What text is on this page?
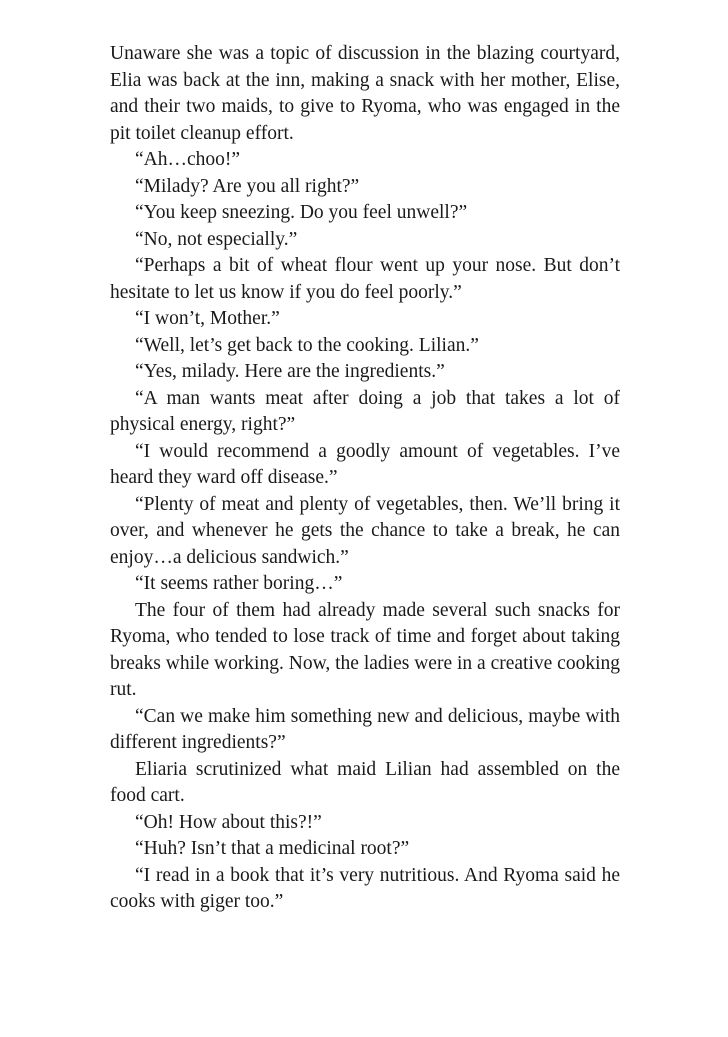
Unaware she was a topic of discussion in the blazing courtyard, Elia was back at the inn, making a snack with her mother, Elise, and their two maids, to give to Ryoma, who was engaged in the pit toilet cleanup effort.

“Ah…choo!”

“Milady? Are you all right?”

“You keep sneezing. Do you feel unwell?”

“No, not especially.”

“Perhaps a bit of wheat flour went up your nose. But don’t hesitate to let us know if you do feel poorly.”

“I won’t, Mother.”

“Well, let’s get back to the cooking. Lilian.”

“Yes, milady. Here are the ingredients.”

“A man wants meat after doing a job that takes a lot of physical energy, right?”

“I would recommend a goodly amount of vegetables. I’ve heard they ward off disease.”

“Plenty of meat and plenty of vegetables, then. We’ll bring it over, and whenever he gets the chance to take a break, he can enjoy…a delicious sandwich.”

“It seems rather boring…”

The four of them had already made several such snacks for Ryoma, who tended to lose track of time and forget about taking breaks while working. Now, the ladies were in a creative cooking rut.

“Can we make him something new and delicious, maybe with different ingredients?”

Eliaria scrutinized what maid Lilian had assembled on the food cart.

“Oh! How about this?!”

“Huh? Isn’t that a medicinal root?”

“I read in a book that it’s very nutritious. And Ryoma said he cooks with giger too.”
